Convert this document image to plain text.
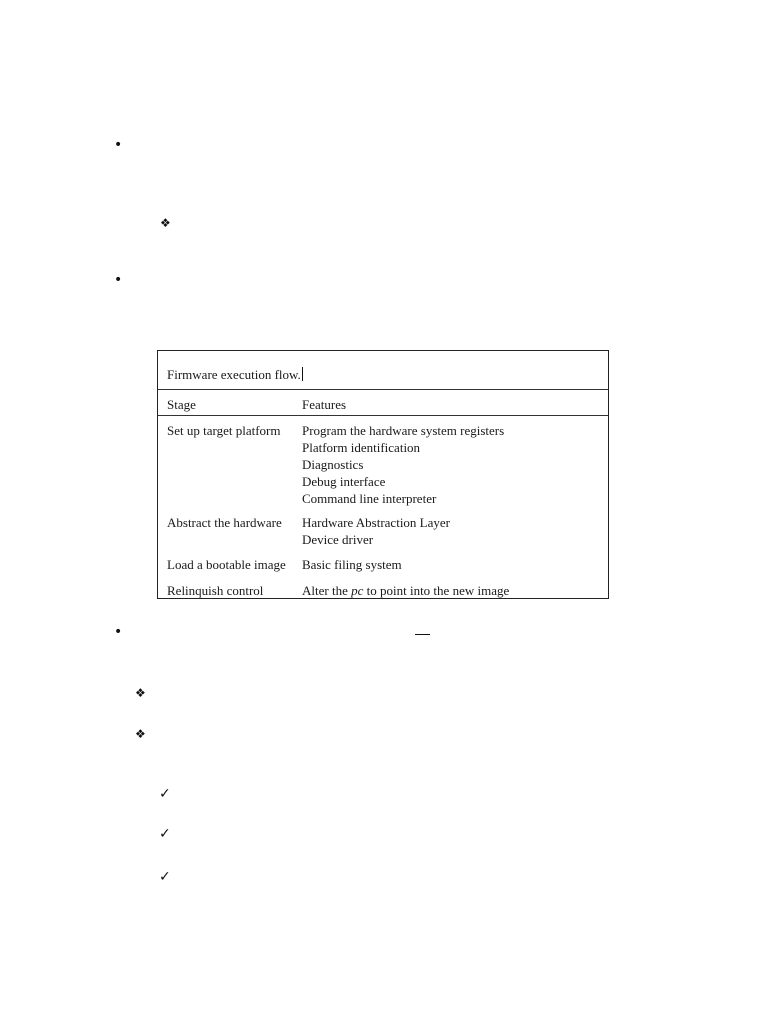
•
❖
•
Firmware execution flow.
Stage	Features
Set up target platform Program the hardware system registers
Platform identification
Diagnostics
Debug interface
Command line interpreter
Abstract the hardware Hardware Abstraction Layer
Device driver
Load a bootable image Basic filing system
Relinquish control	Alter the pc to point into the new image
•
❖
❖
✓
✓
✓
